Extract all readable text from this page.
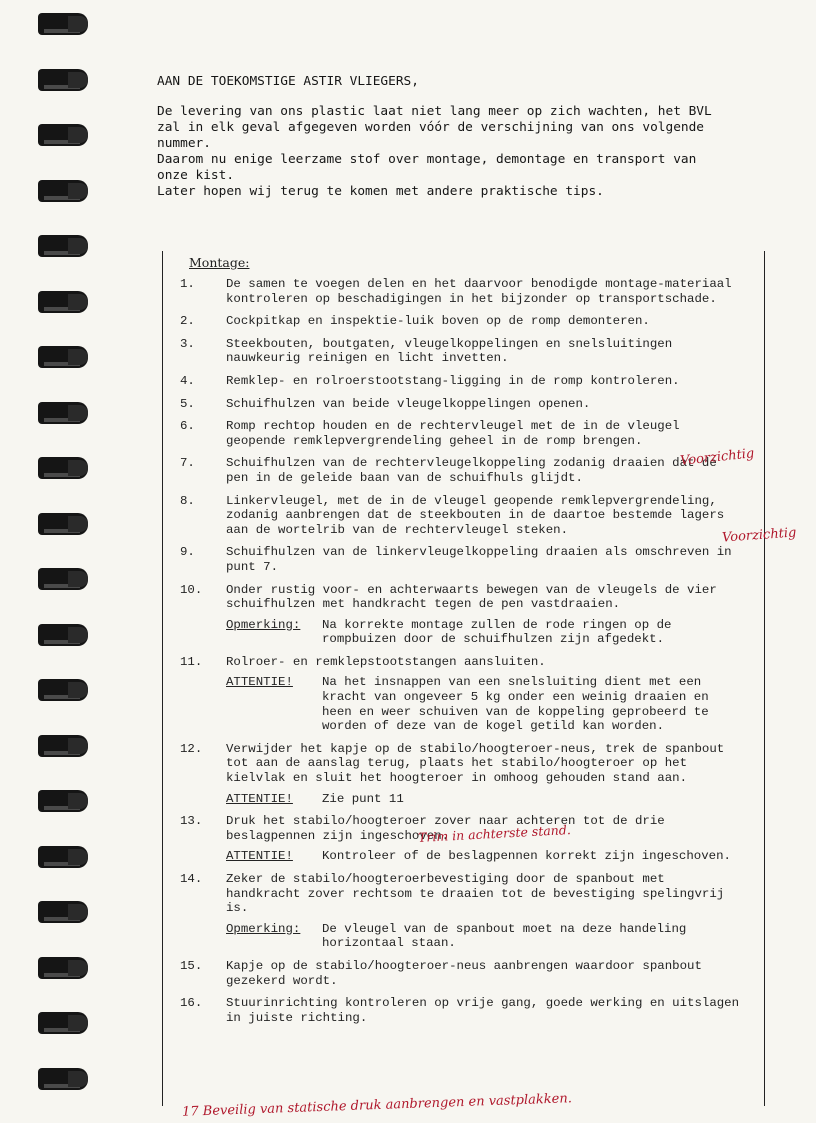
AAN DE TOEKOMSTIGE ASTIR VLIEGERS,

De levering van ons plastic laat niet lang meer op zich wachten, het BVL zal in elk geval afgegeven worden vóór de verschijning van ons volgende nummer.

Daarom nu enige leerzame stof over montage, demontage en transport van onze kist.

Later hopen wij terug te komen met andere praktische tips.

Montage:
1.	De samen te voegen delen en het daarvoor benodigde montage-materiaal kontroleren op beschadigingen in het bijzonder op transportschade.
2.	Cockpitkap en inspektie-luik boven op de romp demonteren.
3.	Steekbouten, boutgaten, vleugelkoppelingen en snelsluitingen nauwkeurig reinigen en licht invetten.
4.	Remklep- en rolroerstootstang-ligging in de romp kontroleren.
5.	Schuifhulzen van beide vleugelkoppelingen openen.
6.	Romp rechtop houden en de rechtervleugel met de in de vleugel geopende remklepvergrendeling geheel in de romp brengen.
7.	Schuifhulzen van de rechtervleugelkoppeling zodanig draaien dat de pen in de geleide baan van de schuifhuls glijdt.
8.	Linkervleugel, met de in de vleugel geopende remklepvergrendeling, zodanig aanbrengen dat de steekbouten in de daartoe bestemde lagers aan de wortelrib van de rechtervleugel steken.
9.	Schuifhulzen van de linkervleugelkoppeling draaien als omschreven in punt 7.
10.	Onder rustig voor- en achterwaarts bewegen van de vleugels de vier schuifhulzen met handkracht tegen de pen vastdraaien.
Opmerking:	Na korrekte montage zullen de rode ringen op de rompbuizen door de schuifhulzen zijn afgedekt.
11.	Rolroer- en remklepstootstangen aansluiten.
ATTENTIE!	Na het insnappen van een snelsluiting dient met een kracht van ongeveer 5 kg onder een weinig draaien en heen en weer schuiven van de koppeling geprobeerd te worden of deze van de kogel getild kan worden.
12.	Verwijder het kapje op de stabilo/hoogteroer-neus, trek de spanbout tot aan de aanslag terug, plaats het stabilo/hoogteroer op het kielvlak en sluit het hoogteroer in omhoog gehouden stand aan.
ATTENTIE!	Zie punt 11
13.	Druk het stabilo/hoogteroer zover naar achteren tot de drie beslagpennen zijn ingeschoven.
ATTENTIE!	Kontroleer of de beslagpennen korrekt zijn ingeschoven.
14.	Zeker de stabilo/hoogteroerbevestiging door de spanbout met handkracht zover rechtsom te draaien tot de bevestiging spelingvrij is.
Opmerking:	De vleugel van de spanbout moet na deze handeling horizontaal staan.
15.	Kapje op de stabilo/hoogteroer-neus aanbrengen waardoor spanbout gezekerd wordt.
16.	Stuurinrichting kontroleren op vrije gang, goede werking en uitslagen in juiste richting.
Voorzichtig
Voorzichtig
Trim in achterste stand.
17 Beveilig van statische druk aanbrengen en vastplakken.
